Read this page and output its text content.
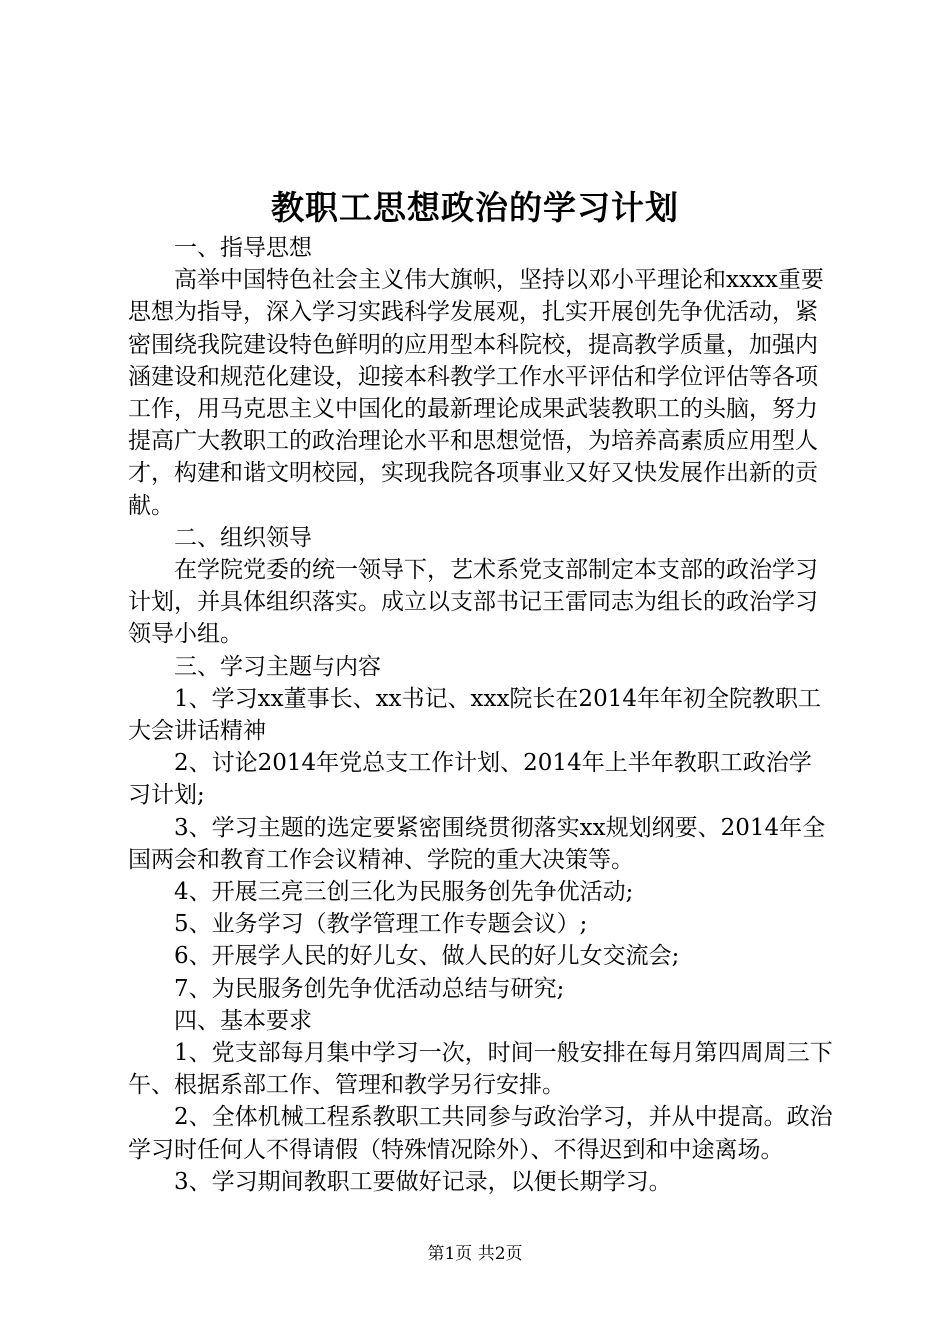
教职工思想政治的学习计划

一、指导思想

高举中国特色社会主义伟大旗帜，坚持以邓小平理论和xxxx重要思想为指导，深入学习实践科学发展观，扎实开展创先争优活动，紧密围绕我院建设特色鲜明的应用型本科院校，提高教学质量，加强内涵建设和规范化建设，迎接本科教学工作水平评估和学位评估等各项工作，用马克思主义中国化的最新理论成果武装教职工的头脑，努力提高广大教职工的政治理论水平和思想觉悟，为培养高素质应用型人才，构建和谐文明校园，实现我院各项事业又好又快发展作出新的贡献。

二、组织领导

在学院党委的统一领导下，艺术系党支部制定本支部的政治学习计划，并具体组织落实。成立以支部书记王雷同志为组长的政治学习领导小组。

三、学习主题与内容

1、学习xx董事长、xx书记、xxx院长在2014年年初全院教职工大会讲话精神

2、讨论2014年党总支工作计划、2014年上半年教职工政治学习计划;

3、学习主题的选定要紧密围绕贯彻落实xx规划纲要、2014年全国两会和教育工作会议精神、学院的重大决策等。

4、开展三亮三创三化为民服务创先争优活动;

5、业务学习（教学管理工作专题会议）;

6、开展学人民的好儿女、做人民的好儿女交流会;

7、为民服务创先争优活动总结与研究;

四、基本要求

1、党支部每月集中学习一次，时间一般安排在每月第四周周三下午、根据系部工作、管理和教学另行安排。

2、全体机械工程系教职工共同参与政治学习，并从中提高。政治学习时任何人不得请假（特殊情况除外）、不得迟到和中途离场。

3、学习期间教职工要做好记录，以便长期学习。

第1页 共2页
